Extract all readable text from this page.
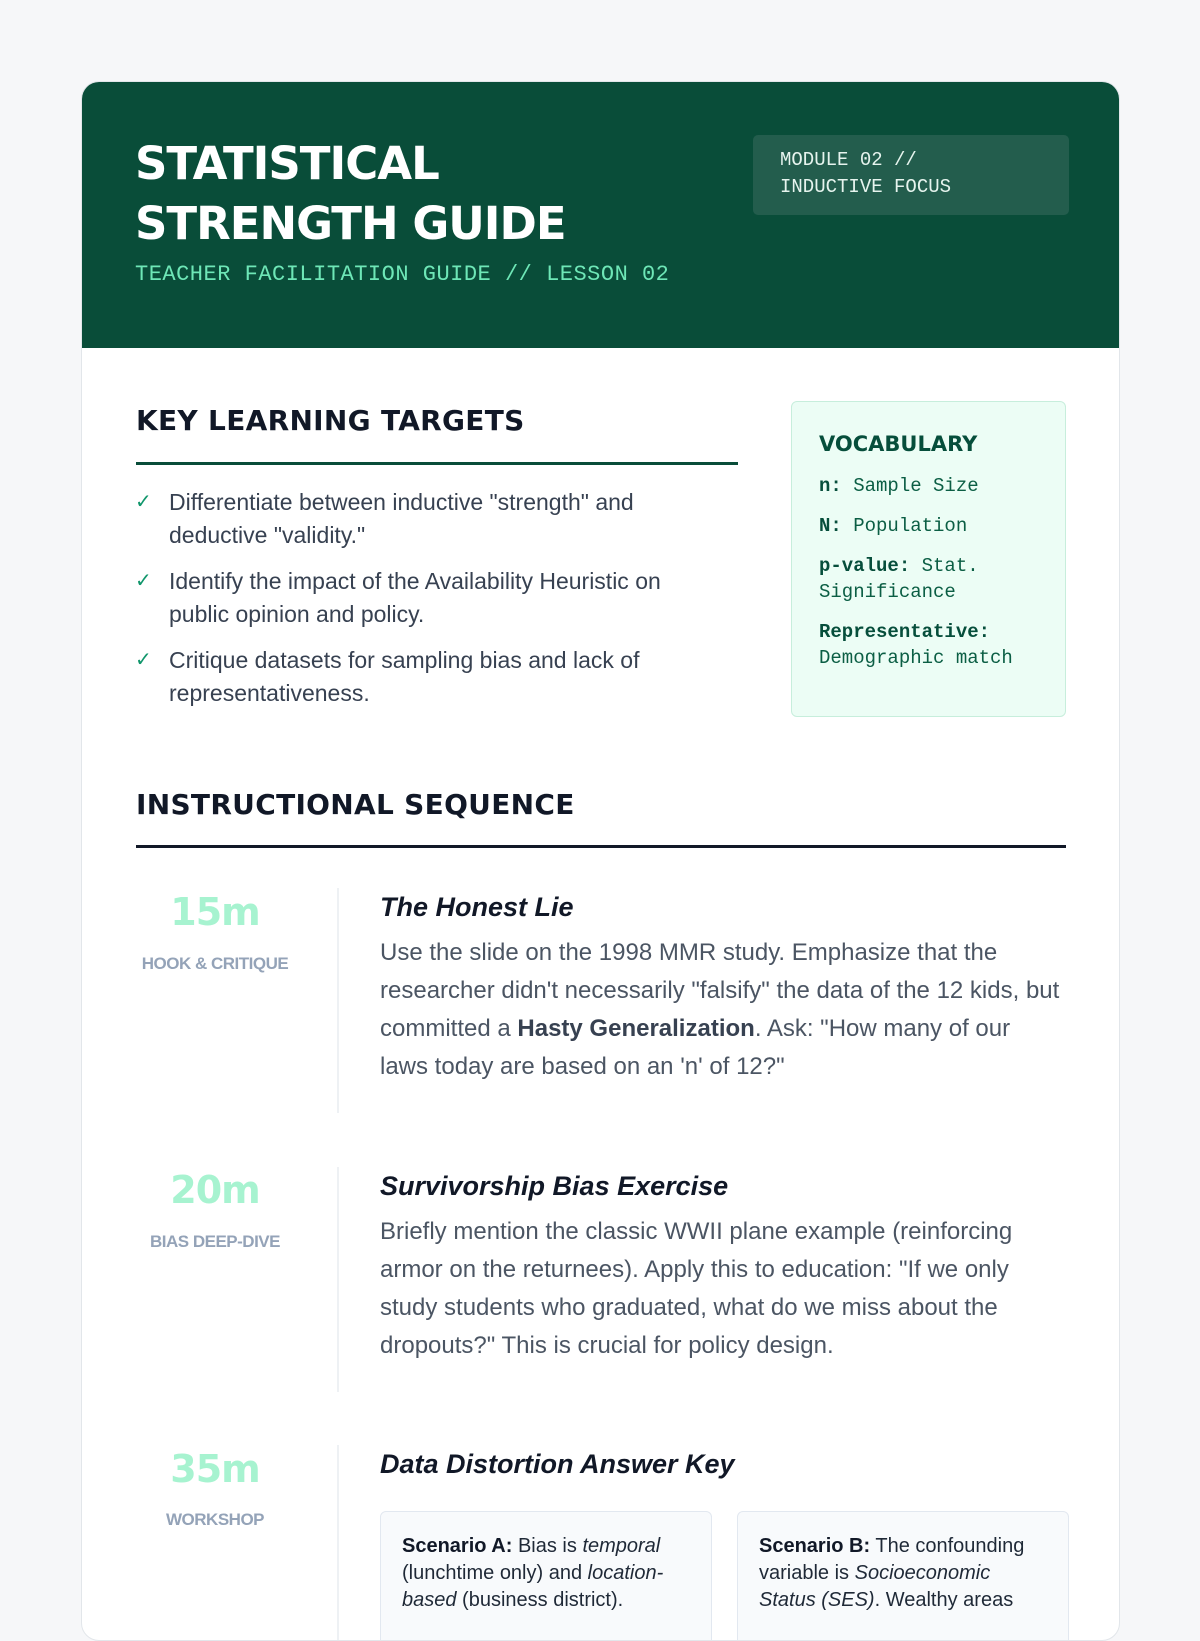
STATISTICAL
STRENGTH GUIDE
TEACHER FACILITATION GUIDE // LESSON 02
MODULE 02 //
INDUCTIVE FOCUS
KEY LEARNING TARGETS
✓ Differentiate between inductive "strength" and deductive "validity."
✓ Identify the impact of the Availability Heuristic on public opinion and policy.
✓ Critique datasets for sampling bias and lack of representativeness.
VOCABULARY
n: Sample Size
N: Population
p-value: Stat. Significance
Representative: Demographic match
INSTRUCTIONAL SEQUENCE
15m
HOOK & CRITIQUE
The Honest Lie
Use the slide on the 1998 MMR study. Emphasize that the researcher didn't necessarily "falsify" the data of the 12 kids, but committed a Hasty Generalization. Ask: "How many of our laws today are based on an 'n' of 12?"
20m
BIAS DEEP-DIVE
Survivorship Bias Exercise
Briefly mention the classic WWII plane example (reinforcing armor on the returnees). Apply this to education: "If we only study students who graduated, what do we miss about the dropouts?" This is crucial for policy design.
35m
WORKSHOP
Data Distortion Answer Key
Scenario A: Bias is temporal (lunchtime only) and location-based (business district).
Scenario B: The confounding variable is Socioeconomic Status (SES). Wealthy areas
